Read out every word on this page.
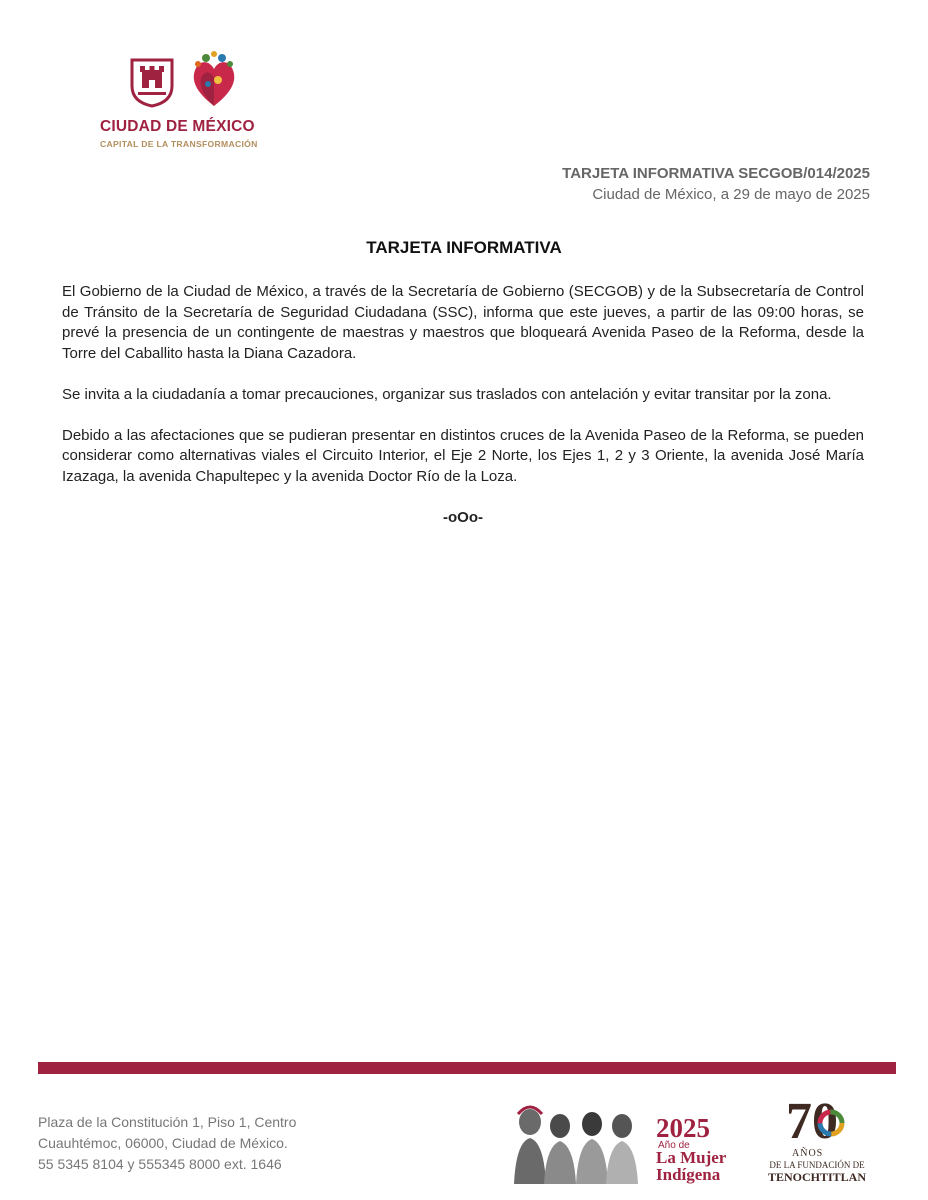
CIUDAD DE MÉXICO
CAPITAL DE LA TRANSFORMACIÓN
TARJETA INFORMATIVA SECGOB/014/2025
Ciudad de México, a 29 de mayo de 2025
TARJETA INFORMATIVA

El Gobierno de la Ciudad de México, a través de la Secretaría de Gobierno (SECGOB) y de la Subsecretaría de Control de Tránsito de la Secretaría de Seguridad Ciudadana (SSC), informa que este jueves, a partir de las 09:00 horas, se prevé la presencia de un contingente de maestras y maestros que bloqueará Avenida Paseo de la Reforma, desde la Torre del Caballito hasta la Diana Cazadora.

Se invita a la ciudadanía a tomar precauciones, organizar sus traslados con antelación y evitar transitar por la zona.

Debido a las afectaciones que se pudieran presentar en distintos cruces de la Avenida Paseo de la Reforma, se pueden considerar como alternativas viales el Circuito Interior, el Eje 2 Norte, los Ejes 1, 2 y 3 Oriente, la avenida José María Izazaga, la avenida Chapultepec y la avenida Doctor Río de la Loza.

-oOo-

Plaza de la Constitución 1, Piso 1, Centro
Cuauhtémoc, 06000, Ciudad de México.
55 5345 8104 y 555345 8000 ext. 1646
2025
Año de
La Mujer
Indígena
70
AÑOS
DE LA FUNDACIÓN DE
TENOCHTITLAN
